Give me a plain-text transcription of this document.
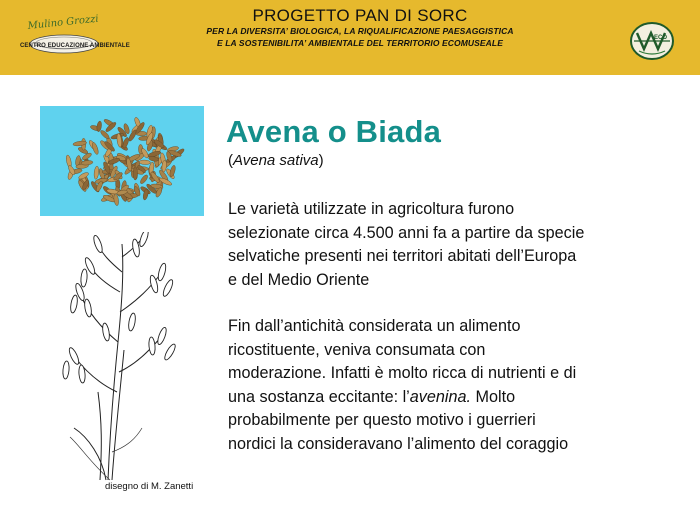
Mulino Grozzi
CENTRO EDUCAZIONE AMBIENTALE
PROGETTO PAN DI SORC
PER LA DIVERSITA’ BIOLOGICA, LA RIQUALIFICAZIONE PAESAGGISTICA
E LA SOSTENIBILITA’ AMBIENTALE DEL TERRITORIO ECOMUSEALE	ECO
disegno di M. Zanetti
Avena o Biada
(Avena sativa)
Le varietà utilizzate in agricoltura furono
selezionate circa 4.500 anni fa a partire da specie
selvatiche presenti nei territori abitati dell’Europa
e del Medio Oriente
Fin dall’antichità considerata un alimento
ricostituente, veniva consumata con
moderazione. Infatti è molto ricca di nutrienti e di
una sostanza eccitante: l’avenina. Molto
probabilmente per questo motivo i guerrieri
nordici la consideravano l’alimento del coraggio
